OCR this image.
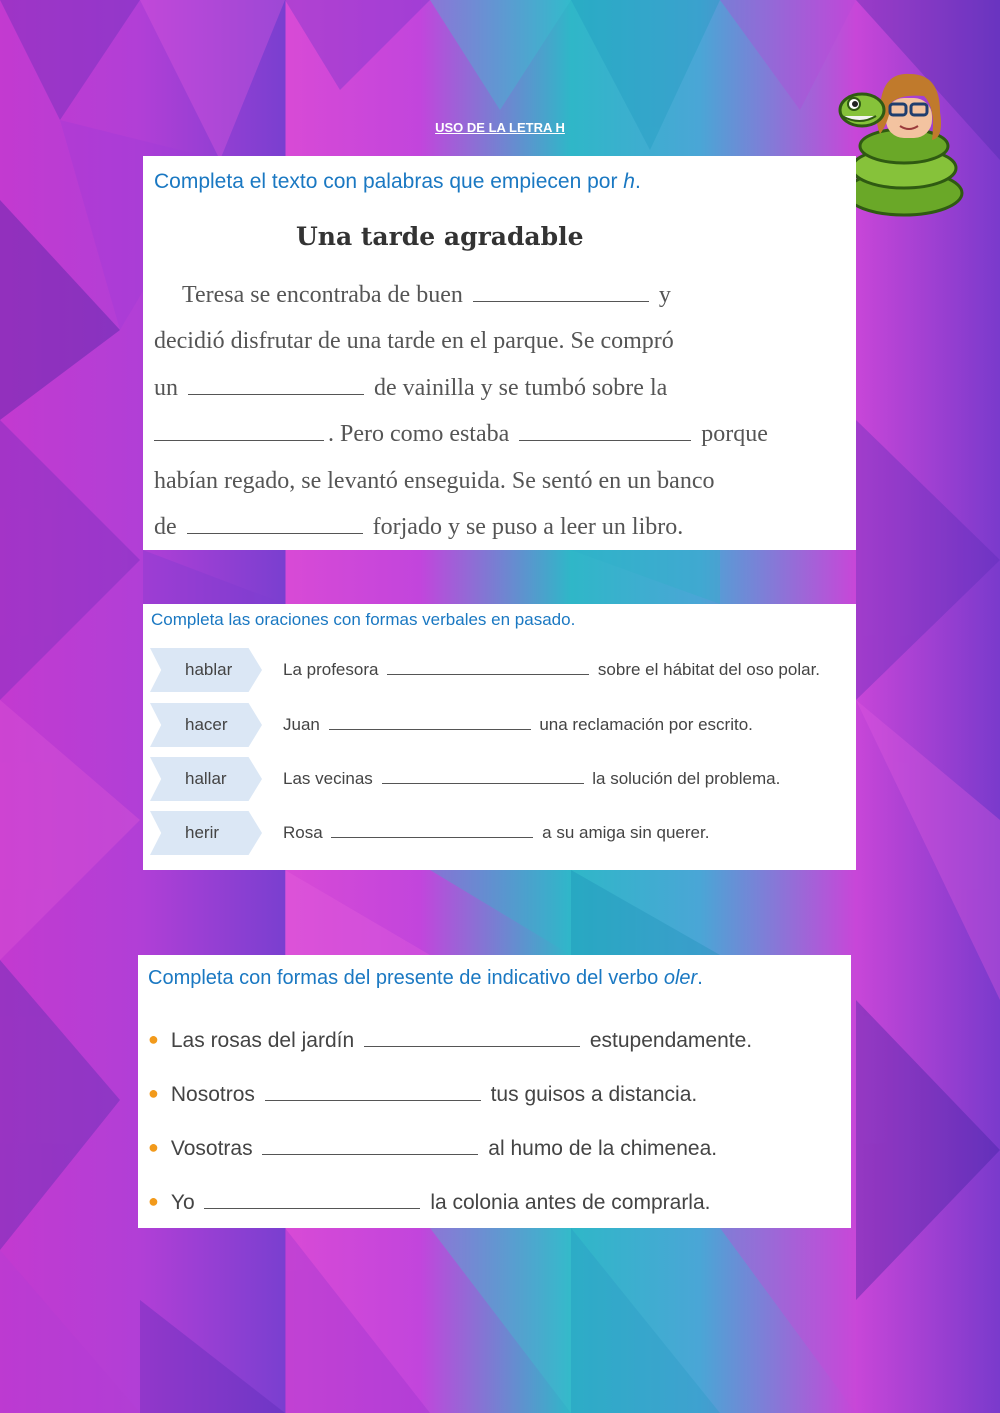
USO DE LA LETRA H
Completa el texto con palabras que empiecen por h.
Una tarde agradable
Teresa se encontraba de buen	y
decidió disfrutar de una tarde en el parque. Se compró
un	de vainilla y se tumbó sobre la
. Pero como estaba	porque
habían regado, se levantó enseguida. Se sentó en un banco
de	forjado y se puso a leer un libro.
Completa las oraciones con formas verbales en pasado.
hablar	La profesora	sobre el hábitat del oso polar.
hacer	Juan	una reclamación por escrito.
hallar	Las vecinas	la solución del problema.
herir	Rosa	a su amiga sin querer.
Completa con formas del presente de indicativo del verbo oler.
● Las rosas del jardín	estupendamente.
● Nosotros	tus guisos a distancia.
● Vosotras	al humo de la chimenea.
● Yo	la colonia antes de comprarla.
